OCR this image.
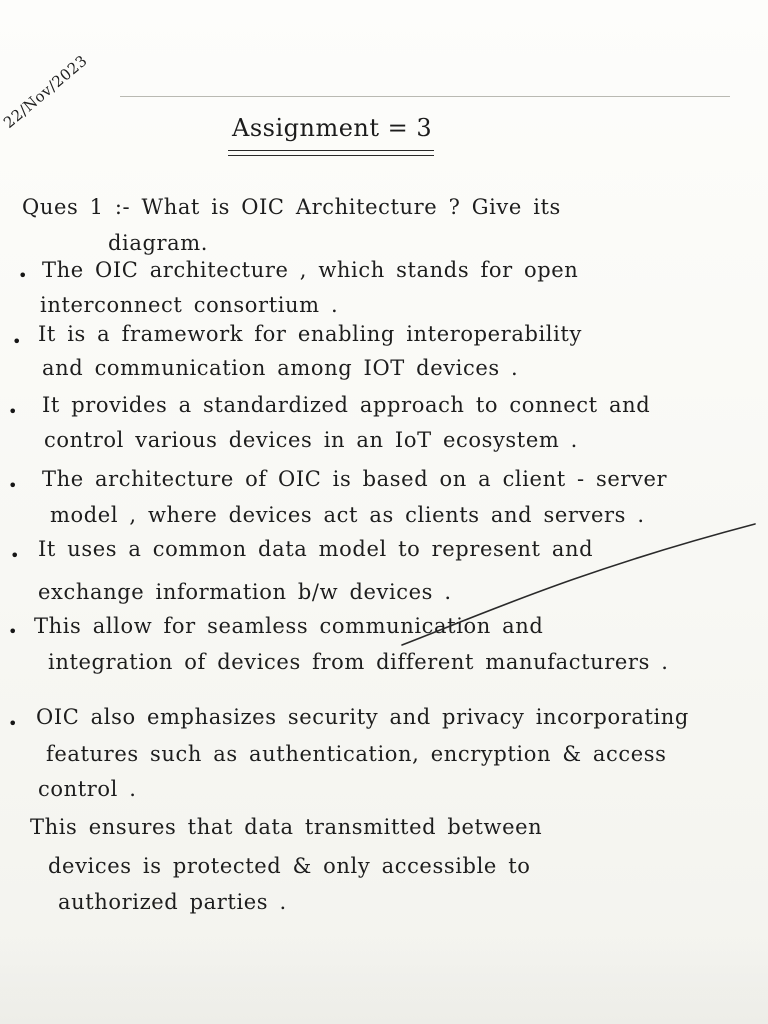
22/Nov/2023	Assignment = 3
Ques 1 :- What is OIC Architecture ? Give its
diagram.
• The OIC architecture , which stands for open
interconnect consortium .
• It is a framework for enabling interoperability
and communication among IOT devices .
• It provides a standardized approach to connect and
control various devices in an IoT ecosystem .
• The architecture of OIC is based on a client - server
model , where devices act as clients and servers .
• It uses a common data model to represent and
exchange information b/w devices .
• This allow for seamless communication and
integration of devices from different manufacturers .
• OIC also emphasizes security and privacy incorporating
features such as authentication, encryption & access
control .
This ensures that data transmitted between
devices is protected & only accessible to
authorized parties .
